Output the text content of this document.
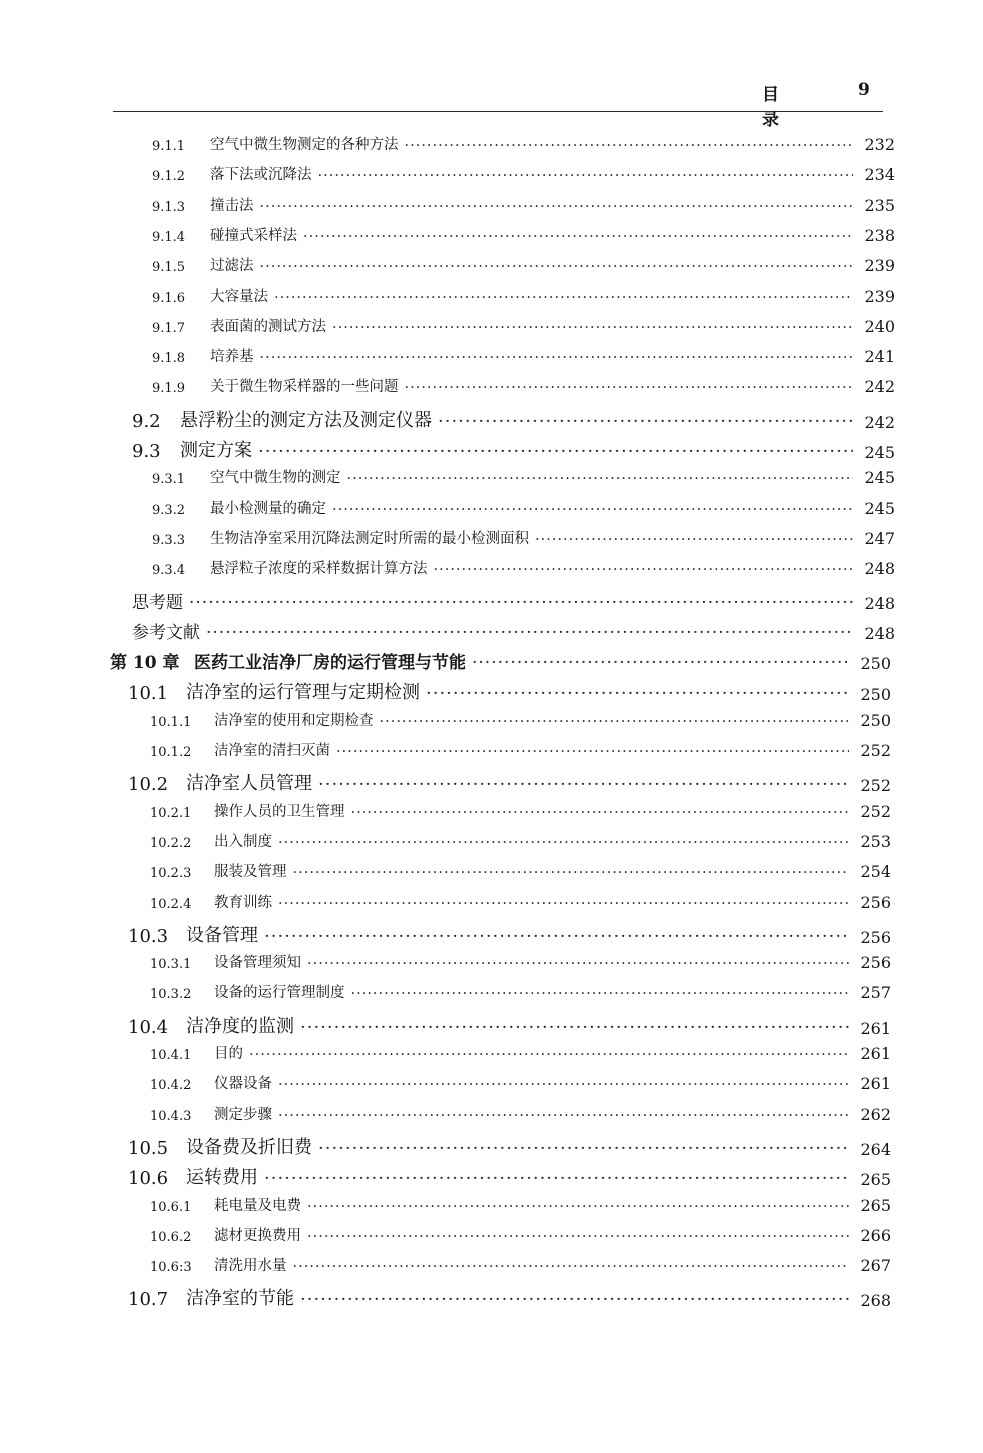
目 录
9
9.1.1	空气中微生物测定的各种方法 ·····	232
9.1.2	落下法或沉降法 ·····	234
9.1.3	撞击法 ·····	235
9.1.4	碰撞式采样法 ·····	238
9.1.5	过滤法 ·····	239
9.1.6	大容量法 ·····	239
9.1.7	表面菌的测试方法 ·····	240
9.1.8	培养基 ·····	241
9.1.9	关于微生物采样器的一些问题 ·····	242
9.2	悬浮粉尘的测定方法及测定仪器 ·····	242
9.3	测定方案 ·····	245
9.3.1	空气中微生物的测定 ·····	245
9.3.2	最小检测量的确定 ·····	245
9.3.3	生物洁净室采用沉降法测定时所需的最小检测面积 ·····	247
9.3.4	悬浮粒子浓度的采样数据计算方法 ·····	248
思考题 ·····	248
参考文献 ·····	248
第 10 章 医药工业洁净厂房的运行管理与节能 ·····	250
10.1 洁净室的运行管理与定期检测 ·····	250
10.1.1	洁净室的使用和定期检查 ·····	250
10.1.2	洁净室的清扫灭菌 ·····	252
10.2 洁净室人员管理 ·····	252
10.2.1	操作人员的卫生管理 ·····	252
10.2.2	出入制度 ·····	253
10.2.3	服装及管理 ·····	254
10.2.4	教育训练 ·····	256
10.3 设备管理 ·····	256
10.3.1	设备管理须知 ·····	256
10.3.2	设备的运行管理制度 ·····	257
10.4 洁净度的监测 ·····	261
10.4.1	目的 ·····	261
10.4.2	仪器设备 ·····	261
10.4.3	测定步骤 ·····	262
10.5 设备费及折旧费 ·····	264
10.6 运转费用 ·····	265
10.6.1	耗电量及电费 ·····	265
10.6.2	滤材更换费用 ·····	266
10.6:3	清洗用水量 ·····	267
10.7 洁净室的节能 ·····	268
